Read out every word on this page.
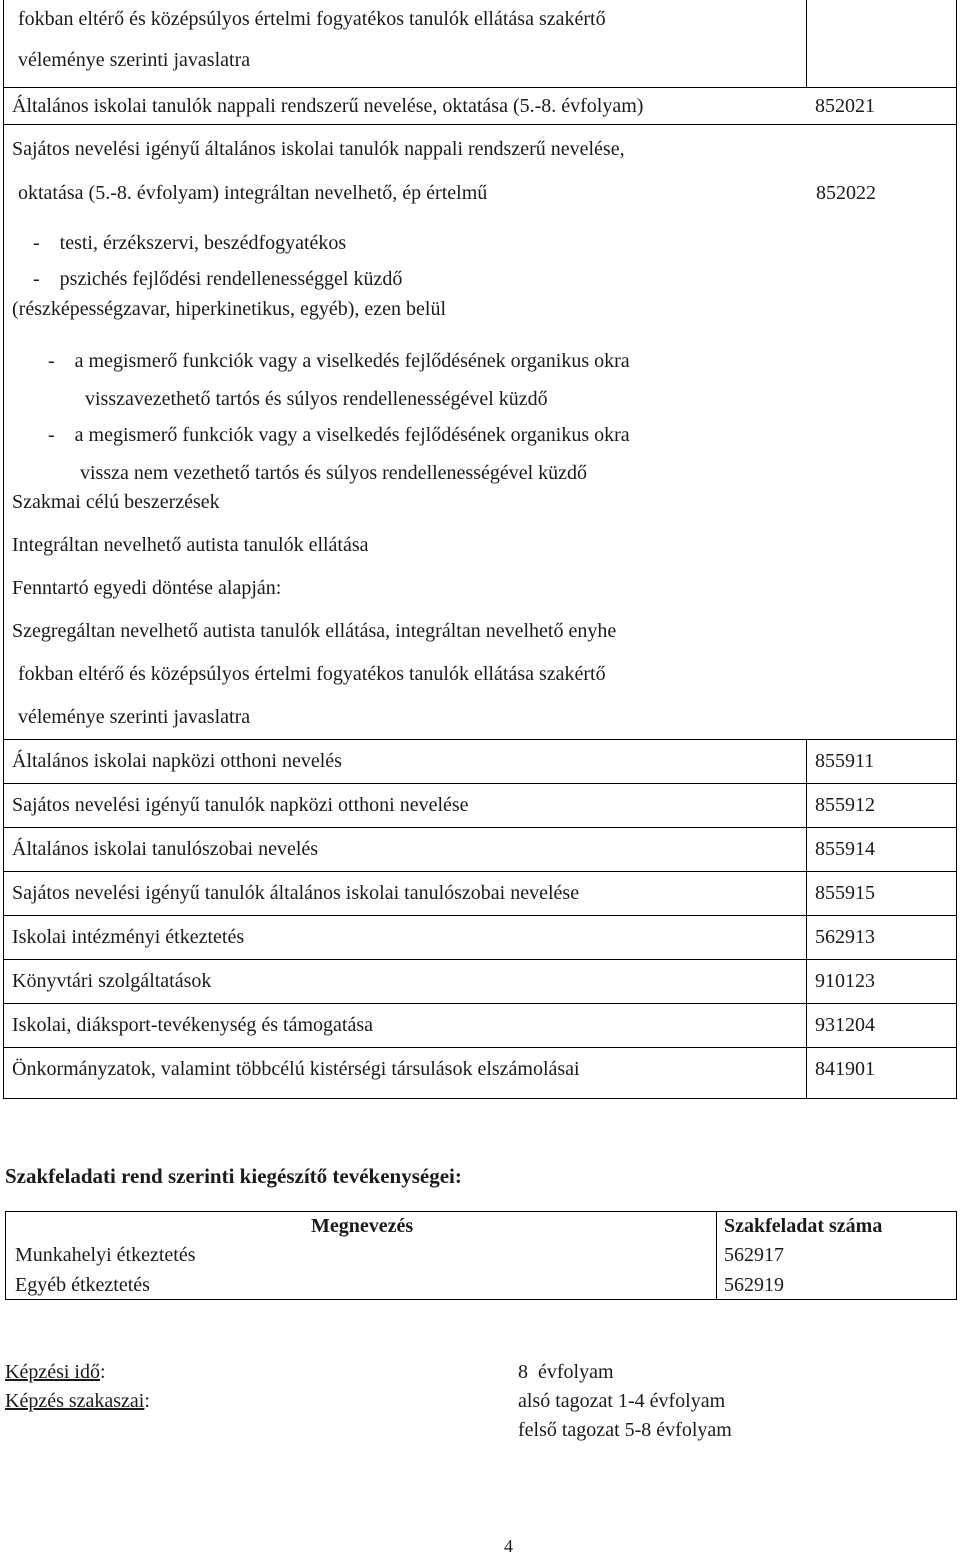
fokban eltérő és középsúlyos értelmi fogyatékos tanulók ellátása szakértő
véleménye szerinti javaslatra
Általános iskolai tanulók nappali rendszerű nevelése, oktatása (5.-8. évfolyam)	852021
Sajátos nevelési igényű általános iskolai tanulók nappali rendszerű nevelése,
oktatása (5.-8. évfolyam) integráltan nevelhető, ép értelmű	852022
-    testi, érzékszervi, beszédfogyatékos
-    pszichés fejlődési rendellenességgel küzdő
(részképességzavar, hiperkinetikus, egyéb), ezen belül
-    a megismerő funkciók vagy a viselkedés fejlődésének organikus okra
visszavezethető tartós és súlyos rendellenességével küzdő
-    a megismerő funkciók vagy a viselkedés fejlődésének organikus okra
vissza nem vezethető tartós és súlyos rendellenességével küzdő
Szakmai célú beszerzések
Integráltan nevelhető autista tanulók ellátása
Fenntartó egyedi döntése alapján:
Szegregáltan nevelhető autista tanulók ellátása, integráltan nevelhető enyhe
fokban eltérő és középsúlyos értelmi fogyatékos tanulók ellátása szakértő
véleménye szerinti javaslatra
Általános iskolai napközi otthoni nevelés	855911
Sajátos nevelési igényű tanulók napközi otthoni nevelése	855912
Általános iskolai tanulószobai nevelés	855914
Sajátos nevelési igényű tanulók általános iskolai tanulószobai nevelése	855915
Iskolai intézményi étkeztetés	562913
Könyvtári szolgáltatások	910123
Iskolai, diáksport-tevékenység és támogatása	931204
Önkormányzatok, valamint többcélú kistérségi társulások elszámolásai	841901
Szakfeladati rend szerinti kiegészítő tevékenységei:
Megnevezés	Szakfeladat száma
Munkahelyi étkeztetés	562917
Egyéb étkeztetés	562919
Képzési idő:	8  évfolyam
Képzés szakaszai:	alsó tagozat 1-4 évfolyam
felső tagozat 5-8 évfolyam
4
